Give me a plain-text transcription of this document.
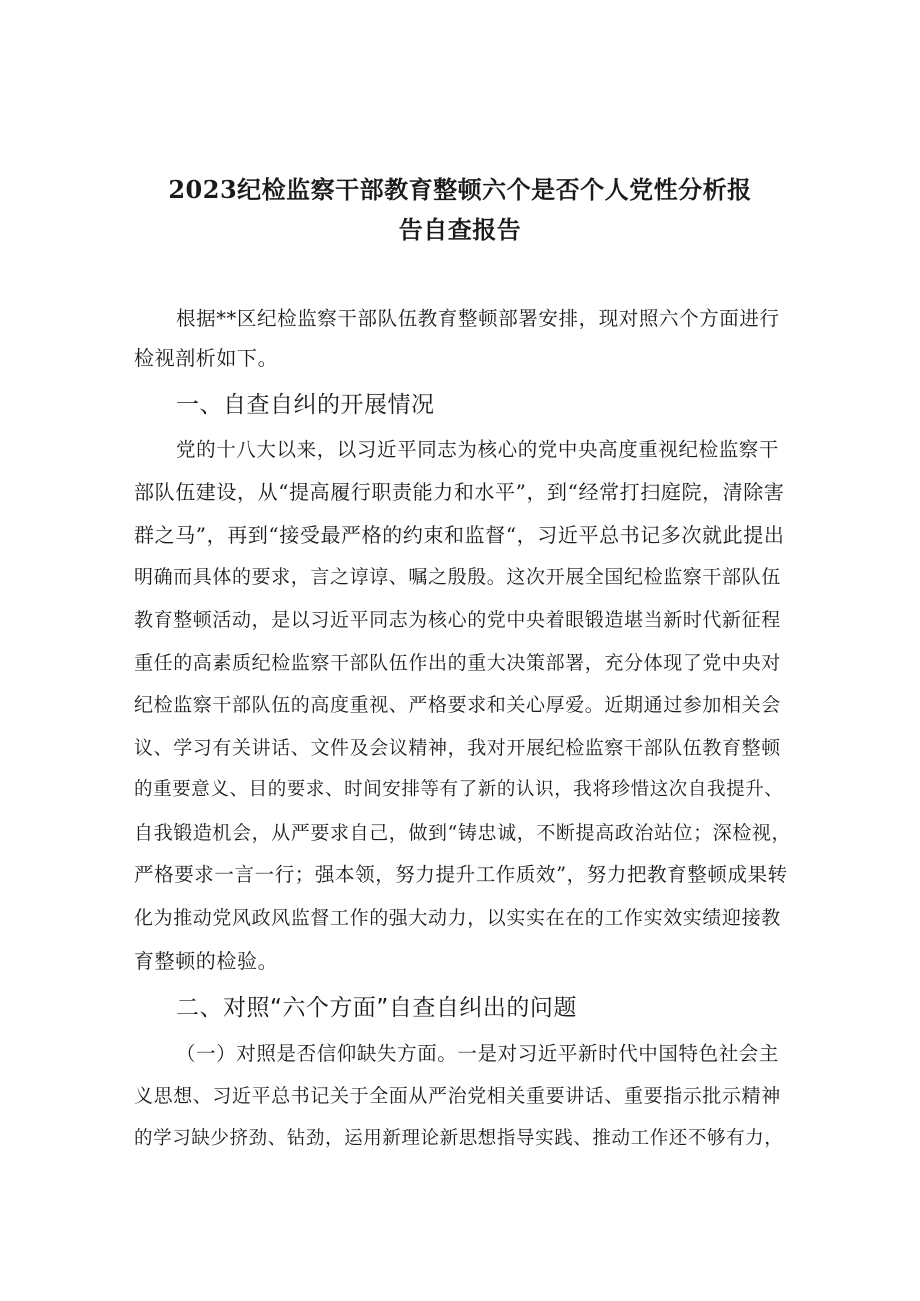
2023纪检监察干部教育整顿六个是否个人党性分析报
告自查报告
根据**区纪检监察干部队伍教育整顿部署安排，现对照六个方面进行
检视剖析如下。
一、自查自纠的开展情况
党的十八大以来，以习近平同志为核心的党中央高度重视纪检监察干
部队伍建设，从“提高履行职责能力和水平”，到“经常打扫庭院，清除害
群之马”，再到“接受最严格的约束和监督“，习近平总书记多次就此提出
明确而具体的要求，言之谆谆、嘱之殷殷。这次开展全国纪检监察干部队伍
教育整顿活动，是以习近平同志为核心的党中央着眼锻造堪当新时代新征程
重任的高素质纪检监察干部队伍作出的重大决策部署，充分体现了党中央对
纪检监察干部队伍的高度重视、严格要求和关心厚爱。近期通过参加相关会
议、学习有关讲话、文件及会议精神，我对开展纪检监察干部队伍教育整顿
的重要意义、目的要求、时间安排等有了新的认识，我将珍惜这次自我提升、
自我锻造机会，从严要求自己，做到“铸忠诚，不断提高政治站位；深检视，
严格要求一言一行；强本领，努力提升工作质效”，努力把教育整顿成果转
化为推动党风政风监督工作的强大动力，以实实在在的工作实效实绩迎接教
育整顿的检验。
二、对照“六个方面”自查自纠出的问题
（一）对照是否信仰缺失方面。一是对习近平新时代中国特色社会主
义思想、习近平总书记关于全面从严治党相关重要讲话、重要指示批示精神
的学习缺少挤劲、钻劲，运用新理论新思想指导实践、推动工作还不够有力，
